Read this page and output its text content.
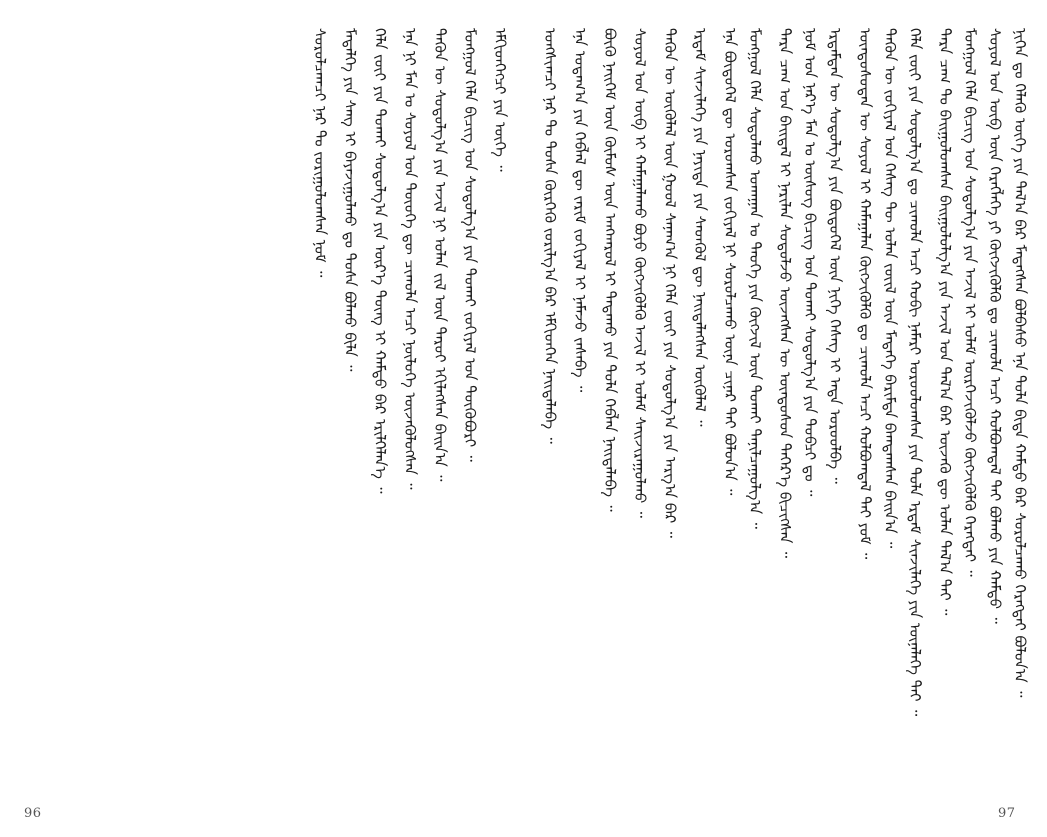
ᠨᠢᠭᠡᠨ ᠳᠤ ᠬᠡᠯᠡᠬᠦ ᠦᠭᠡ ᠶᠢᠨ ᠲᠠᠯ᠎ᠠ ᠪᠠᠷ ᠮᠡᠳᠡᠭᠰᠡᠨ ᠪᠣᠯᠪᠠᠰᠤ ᠡᠨᠡ ᠲᠤᠯᠠ ᠪᠢᠳᠡ ᠬᠠᠮᠲᠤ ᠪᠠᠷ ᠰᠤᠷᠤᠯᠴᠠᠬᠤ ᠬᠡᠷᠡᠭᠲᠡᠢ ᠪᠣᠯᠤᠨ᠎ᠠ ᠃
ᠰᠣᠶᠤᠯ ᠤᠨ ᠦᠪ ᠦᠨ ᠬᠡᠷᠡᠭᠯᠡᠭᠡ ᠶᠢ ᠬᠥᠭᠵᠢᠭᠦᠯᠬᠦ ᠳᠤ ᠴᠢᠬᠤᠯᠠ ᠠᠴᠢ ᠬᠣᠯᠪᠣᠭᠳᠠᠯ ᠲᠠᠢ ᠪᠣᠯᠬᠤ ᠶᠢᠨ ᠬᠠᠮᠲᠤ ᠃
ᠮᠣᠩᠭᠣᠯ ᠬᠡᠯᠡ ᠪᠢᠴᠢᠭ ᠤᠨ ᠰᠤᠳᠤᠯᠭ᠎ᠠ ᠶᠢᠨ ᠠᠵᠢᠯ ᠢ ᠤᠯᠠᠮ ᠥᠷᠭᠡᠵᠢᠭᠦᠯᠵᠦ ᠬᠥᠭᠵᠢᠭᠦᠯᠬᠦ ᠬᠡᠷᠡᠭᠲᠡᠢ ᠃
ᠲᠡᠷᠡ ᠴᠠᠭ ᠲᠤ ᠪᠠᠢᠭᠤᠯᠤᠭᠰᠠᠨ ᠪᠠᠢᠭᠤᠯᠤᠯᠭ᠎ᠠ ᠶᠢᠨ ᠠᠵᠢᠯ ᠤᠨ ᠲᠠᠯ᠎ᠠ ᠪᠠᠷ ᠦᠵᠡᠬᠦ ᠳᠦ ᠣᠯᠠᠨ ᠲᠠᠯ᠎ᠠ ᠲᠠᠢ ᠃
ᠬᠡᠯᠡ ᠵᠦᠢ ᠶᠢᠨ ᠰᠤᠳᠤᠯᠭ᠎ᠠ ᠳᠤ ᠴᠢᠬᠤᠯᠠ ᠠᠴᠢ ᠬᠤᠪᠢ ᠨᠡᠮᠡᠷᠢ ᠣᠷᠤᠤᠯᠤᠭᠰᠠᠨ ᠶᠢᠨ ᠲᠤᠯᠠ ᠡᠷᠳᠡᠮ ᠰᠢᠨᠵᠢᠯᠡᠭᠡ ᠶᠢᠨ ᠦᠨᠡᠯᠡᠭᠡ ᠲᠠᠢ ᠃
ᠲᠡᠭᠦᠨ ᠦ ᠵᠣᠬᠢᠶᠠᠯ ᠤᠨ ᠬᠡᠰᠡᠭ ᠲᠦ ᠣᠯᠠᠨ ᠵᠦᠢᠯ ᠦᠨ ᠮᠡᠳᠡᠭᠡ ᠪᠠᠷᠢᠮᠲᠠ ᠪᠠᠭᠲᠠᠭᠰᠠᠨ ᠪᠠᠢᠨ᠎ᠠ ᠃
ᠦᠨᠳᠦᠰᠦᠲᠡᠨ ᠦ ᠰᠣᠶᠤᠯ ᠢ ᠬᠠᠮᠠᠭᠠᠯᠠᠨ ᠬᠥᠭᠵᠢᠭᠦᠯᠬᠦ ᠳᠤ ᠴᠢᠬᠤᠯᠠ ᠠᠴᠢ ᠬᠣᠯᠪᠣᠭᠳᠠᠯ ᠲᠠᠢ ᠶᠤᠮ ᠃
ᠡᠷᠳᠡᠮᠲᠡᠨ ᠦ ᠰᠤᠳᠤᠯᠭ᠎ᠠ ᠶᠢᠨ ᠪᠦᠲᠦᠭᠡᠯ ᠦᠨ ᠨᠢᠭᠡ ᠬᠡᠰᠡᠭ ᠢ ᠡᠨᠳᠡ ᠣᠷᠤᠤᠯᠪᠠ ᠃
ᠨᠣᠮ ᠤᠨ ᠨᠡᠷ᠎ᠡ ᠮᠠᠨ ᠤ ᠦᠰᠦᠭ ᠪᠢᠴᠢᠭ ᠤᠨ ᠲᠤᠬᠠᠢ ᠰᠤᠳᠤᠯᠭ᠎ᠠ ᠶᠢᠨ ᠲᠣᠪᠴᠢ ᠳᠤ ᠃
ᠲᠡᠷᠡ ᠴᠠᠭ ᠤᠨ ᠪᠠᠢᠳᠠᠯ ᠢ ᠨᠠᠷᠢᠯᠠᠨ ᠰᠤᠳᠤᠯᠵᠤ ᠦᠵᠡᠭᠰᠡᠨ ᠦ ᠦᠨᠳᠦᠰᠦᠨ ᠳᠡᠭᠡᠷ᠎ᠡ ᠪᠢᠴᠢᠭᠰᠡᠨ ᠃
ᠮᠣᠩᠭᠣᠯ ᠬᠡᠯᠡ ᠰᠤᠳᠤᠯᠬᠤ ᠤᠬᠠᠭᠠᠨ ᠤ ᠲᠡᠦᠬᠡ ᠶᠢᠨ ᠬᠥᠭᠵᠢᠯ ᠦᠨ ᠲᠤᠬᠠᠢ ᠲᠠᠨᠢᠯᠴᠠᠭᠤᠯᠭ᠎ᠠ ᠃
ᠡᠨᠡ ᠪᠦᠲᠦᠭᠡᠯ ᠳᠦ ᠣᠷᠤᠭᠰᠠᠨ ᠵᠣᠬᠢᠶᠠᠯ ᠨᠢ ᠰᠤᠷᠤᠯᠴᠠᠬᠤ ᠦᠨᠡ ᠴᠢᠨᠠᠷ ᠲᠠᠢ ᠪᠣᠯᠤᠨ᠎ᠠ ᠃
ᠡᠷᠳᠡᠮ ᠰᠢᠨᠵᠢᠯᠡᠭᠡ ᠶᠢᠨ ᠨᠡᠶᠢᠲᠡ ᠶᠢᠨ ᠰᠡᠳᠬᠦᠯ ᠳᠦ ᠨᠡᠢᠲᠡᠯᠡᠭᠰᠡᠨ ᠦᠭᠦᠯᠡᠯ ᠃
ᠲᠡᠭᠦᠨ ᠦ ᠦᠭᠦᠯᠡᠯ ᠦᠨ ᠭᠣᠣᠯ ᠰᠠᠨᠠᠭ᠎ᠠ ᠨᠢ ᠬᠡᠯᠡ ᠵᠦᠢ ᠶᠢᠨ ᠰᠤᠳᠤᠯᠭ᠎ᠠ ᠶᠢᠨ ᠠᠷᠭ᠎ᠠ ᠪᠠᠷ ᠃
ᠰᠣᠶᠤᠯ ᠤᠨ ᠥᠪ ᠢ ᠬᠠᠮᠠᠭᠠᠯᠠᠬᠤ ᠪᠤᠶᠤ ᠬᠥᠭᠵᠢᠭᠦᠯᠬᠦ ᠠᠵᠢᠯ ᠢ ᠤᠯᠠᠮ ᠰᠠᠢᠵᠢᠷᠠᠭᠤᠯᠬᠤ ᠃
ᠪᠦᠬᠦ ᠨᠡᠢᠭᠡᠮ ᠦᠨ ᠬᠦᠮᠦᠰ ᠦᠨ ᠠᠩᠬᠠᠷᠤᠯ ᠢ ᠲᠠᠲᠠᠬᠤ ᠶᠢᠨ ᠲᠤᠯᠠ ᠬᠡᠪᠯᠡᠨ ᠨᠡᠢᠲᠡᠯᠡᠪᠡ ᠃
ᠡᠨᠡ ᠤᠳᠠᠭ᠎ᠠ ᠶᠢᠨ ᠬᠡᠪᠯᠡᠯ ᠳᠦ ᠵᠠᠷᠢᠮ ᠵᠣᠬᠢᠶᠠᠯ ᠢ ᠨᠡᠮᠡᠵᠦ ᠵᠠᠰᠠᠪᠠ ᠃
ᠣᠩᠰᠢᠭᠴᠢ ᠨᠠᠷ ᠲᠤ ᠲᠤᠰᠠ ᠬᠦᠷᠭᠡᠬᠦ ᠵᠣᠷᠢᠯᠭ᠎ᠠ ᠪᠠᠷ ᠡᠮᠬᠢᠳᠬᠡᠨ ᠨᠡᠢᠲᠡᠯᠡᠪᠡ ᠃
ᠡᠮᠬᠢᠳᠬᠡᠭᠴᠢ ᠶᠢᠨ ᠦᠭᠡ ᠃
ᠮᠣᠩᠭᠣᠯ ᠬᠡᠯᠡ ᠪᠢᠴᠢᠭ ᠤᠨ ᠰᠤᠳᠤᠯᠭ᠎ᠠ ᠶᠢᠨ ᠲᠤᠬᠠᠢ ᠵᠣᠬᠢᠶᠠᠯ ᠤᠨ ᠲᠦᠭᠦᠪᠦᠷᠢ ᠃
ᠲᠡᠭᠦᠨ ᠦ ᠰᠤᠳᠤᠯᠭ᠎ᠠ ᠶᠢᠨ ᠠᠵᠢᠯ ᠨᠢ ᠣᠯᠠᠨ ᠵᠢᠯ ᠦᠨ ᠳᠠᠷᠤᠢ ᠡᠬᠢᠯᠡᠭᠰᠡᠨ ᠪᠠᠢᠨ᠎ᠠ ᠃
ᠡᠨᠡ ᠨᠢ ᠮᠠᠨ ᠤ ᠰᠣᠶᠤᠯ ᠤᠨ ᠲᠦᠦᠬᠡ ᠳᠦ ᠴᠢᠬᠤᠯᠠ ᠠᠴᠢ ᠨᠥᠯᠥᠭᠡ ᠦᠵᠡᠭᠦᠯᠦᠭᠰᠡᠨ ᠃
ᠬᠡᠯᠡ ᠵᠦᠢ ᠶᠢᠨ ᠲᠤᠬᠠᠢ ᠰᠤᠳᠤᠯᠭ᠎ᠠ ᠶᠢᠨ ᠦᠷ᠎ᠡ ᠳᠦᠩ ᠢ ᠬᠠᠮᠲᠤ ᠪᠠᠷ ᠡᠷᠢᠯᠬᠡᠯᠡᠨ᠎ᠡ ᠃
ᠮᠡᠳᠡᠯᠭᠡ ᠶᠢᠨ ᠰᠠᠩ ᠢ ᠪᠠᠶᠠᠵᠢᠭᠤᠯᠬᠤ ᠳᠤ ᠲᠤᠰᠠ ᠪᠣᠯᠬᠤ ᠪᠢᠯᠡ ᠃
ᠰᠤᠷᠤᠯᠴᠠᠭᠴᠢ ᠨᠠᠷ ᠲᠤ ᠵᠣᠷᠢᠭᠤᠯᠤᠭᠰᠠᠨ ᠨᠣᠮ ᠃
96	97
